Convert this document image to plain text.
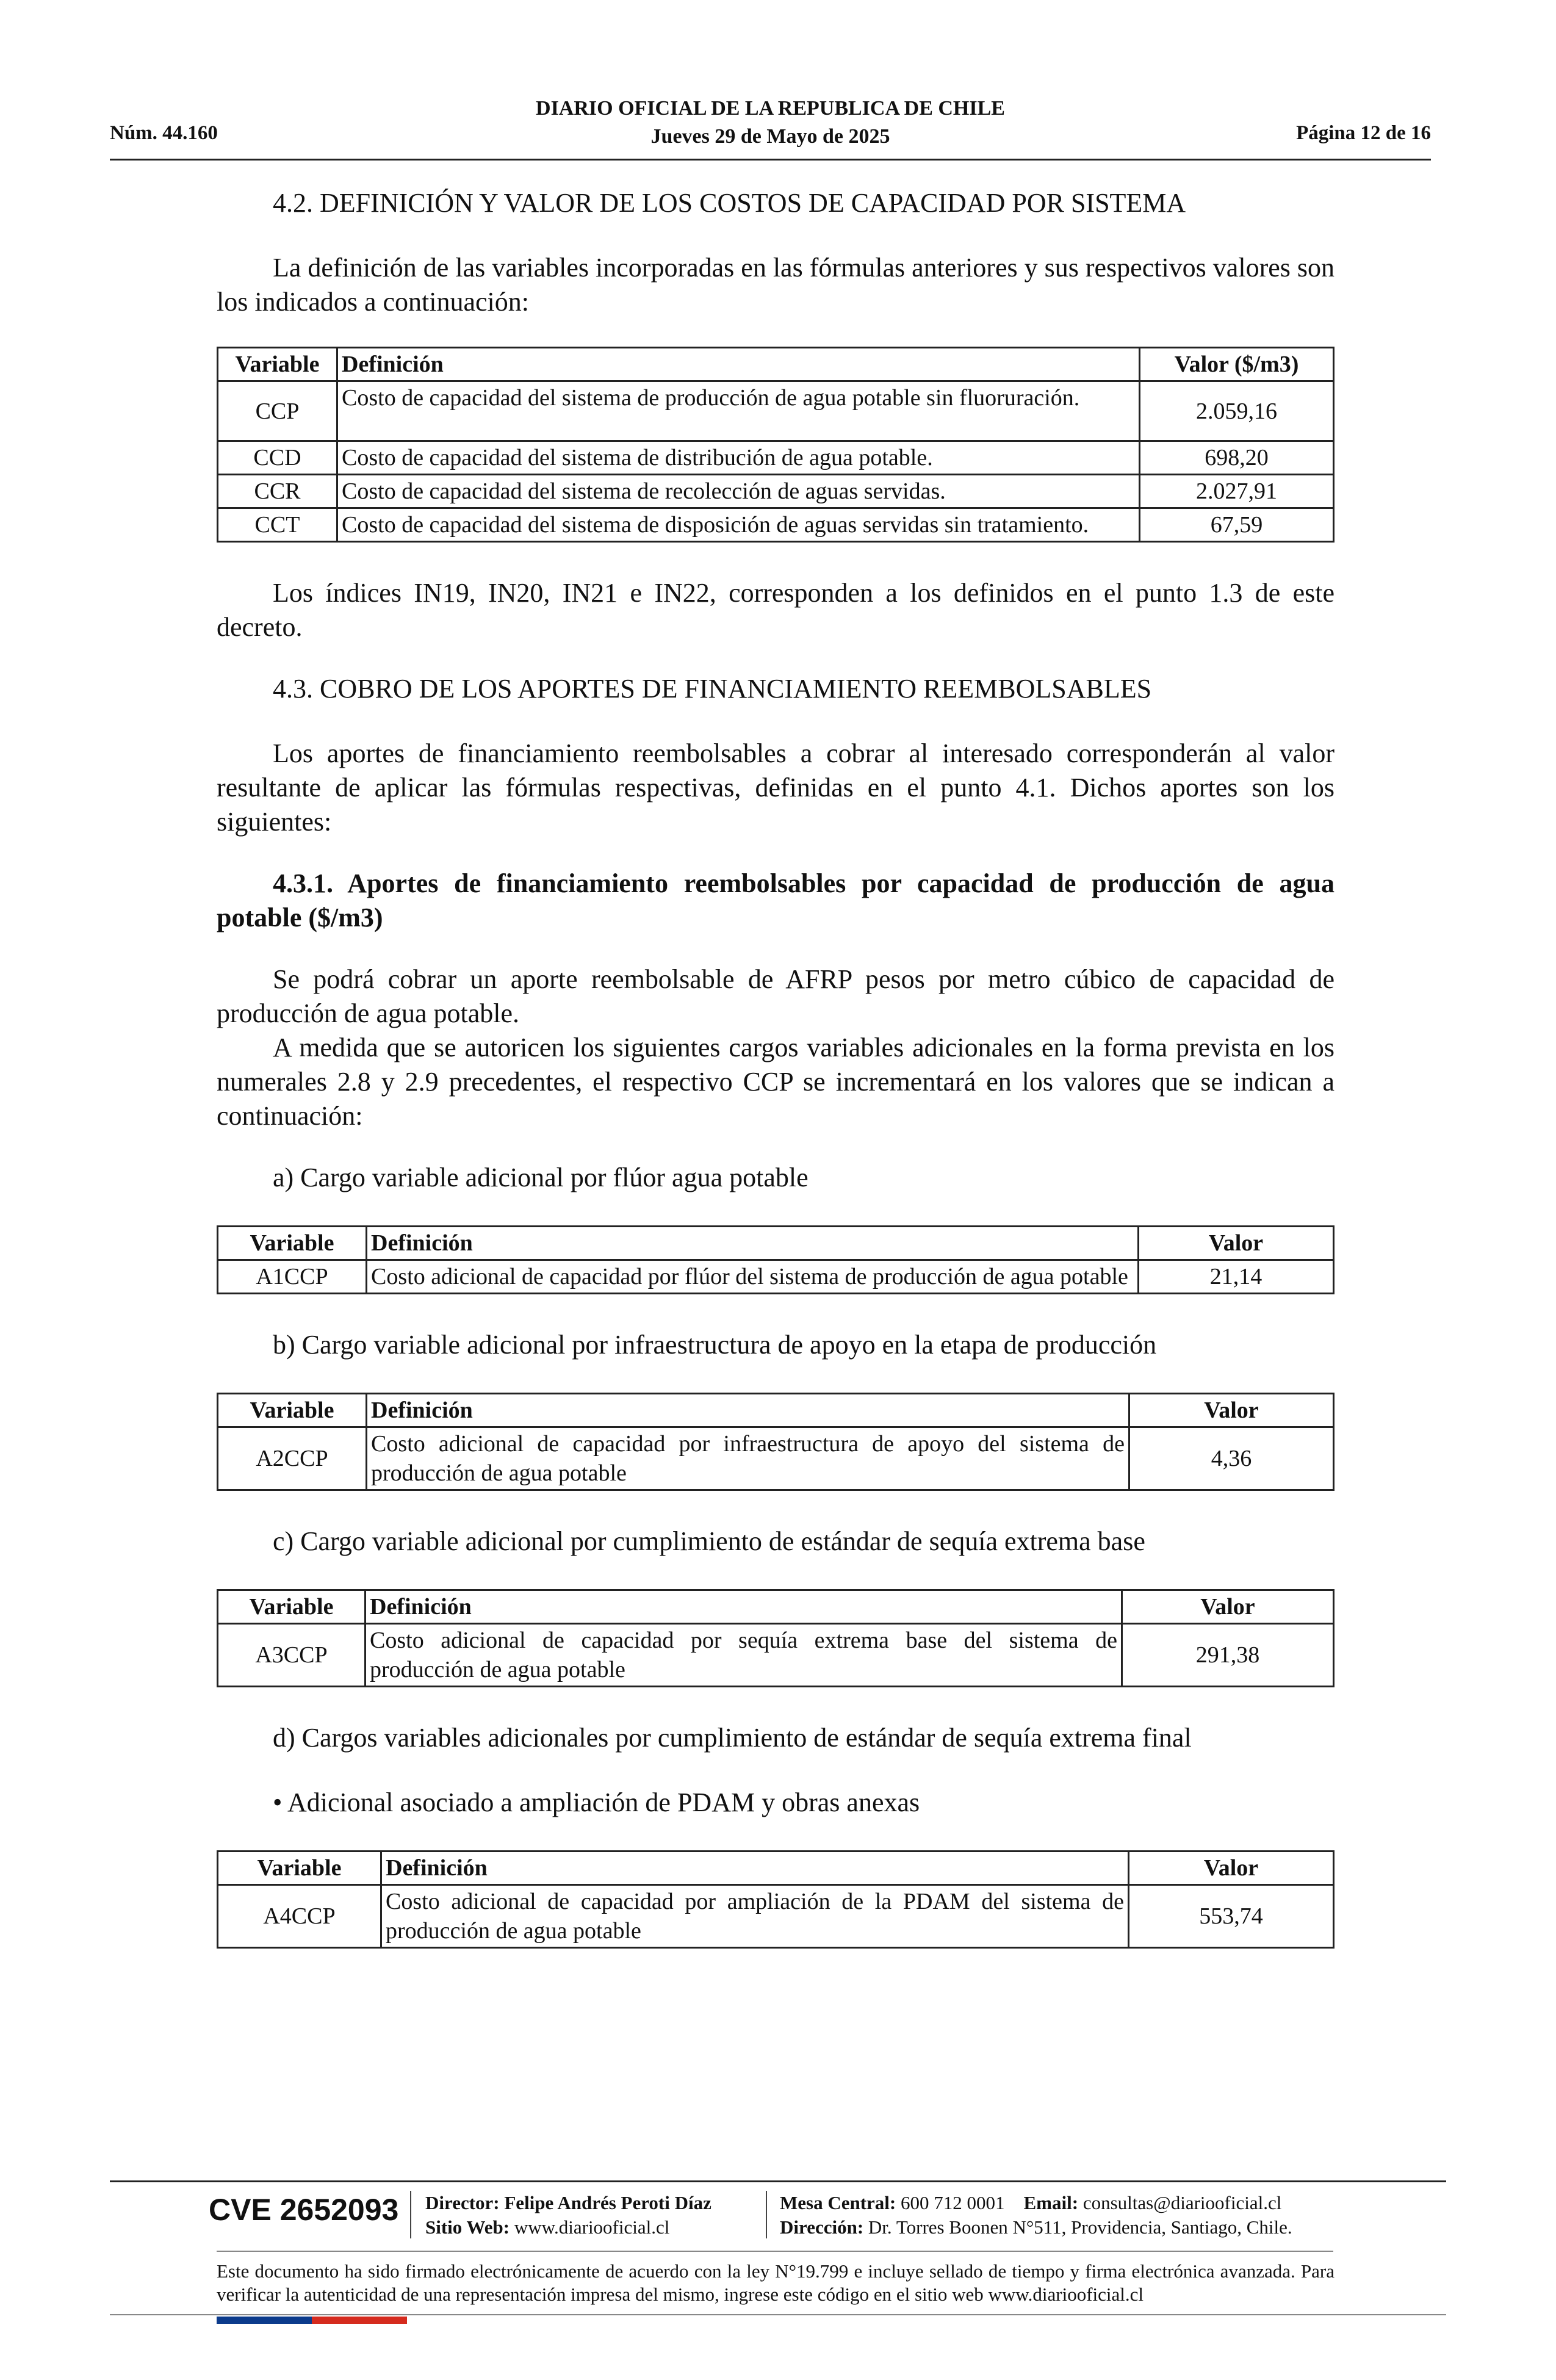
Núm. 44.160
DIARIO OFICIAL DE LA REPUBLICA DE CHILE
Jueves 29 de Mayo de 2025	Página 12 de 16
4.2. DEFINICIÓN Y VALOR DE LOS COSTOS DE CAPACIDAD POR SISTEMA

La definición de las variables incorporadas en las fórmulas anteriores y sus respectivos valores son los indicados a continuación:

Variable	Definición	Valor ($/m3)
CCP	Costo de capacidad del sistema de producción de agua potable sin fluoruración.	2.059,16
CCD	Costo de capacidad del sistema de distribución de agua potable.	698,20
CCR	Costo de capacidad del sistema de recolección de aguas servidas.	2.027,91
CCT	Costo de capacidad del sistema de disposición de aguas servidas sin tratamiento.	67,59

Los índices IN19, IN20, IN21 e IN22, corresponden a los definidos en el punto 1.3 de este decreto.

4.3. COBRO DE LOS APORTES DE FINANCIAMIENTO REEMBOLSABLES

Los aportes de financiamiento reembolsables a cobrar al interesado corresponderán al valor resultante de aplicar las fórmulas respectivas, definidas en el punto 4.1. Dichos aportes son los siguientes:

4.3.1. Aportes de financiamiento reembolsables por capacidad de producción de agua potable ($/m3)

Se podrá cobrar un aporte reembolsable de AFRP pesos por metro cúbico de capacidad de producción de agua potable.

A medida que se autoricen los siguientes cargos variables adicionales en la forma prevista en los numerales 2.8 y 2.9 precedentes, el respectivo CCP se incrementará en los valores que se indican a continuación:

a) Cargo variable adicional por flúor agua potable
Variable	Definición	Valor
A1CCP	Costo adicional de capacidad por flúor del sistema de producción de agua potable	21,14
b) Cargo variable adicional por infraestructura de apoyo en la etapa de producción
Variable	Definición	Valor
A2CCP	Costo adicional de capacidad por infraestructura de apoyo del sistema de producción de agua potable	4,36
c) Cargo variable adicional por cumplimiento de estándar de sequía extrema base
Variable	Definición	Valor
A3CCP	Costo adicional de capacidad por sequía extrema base del sistema de producción de agua potable	291,38
d) Cargos variables adicionales por cumplimiento de estándar de sequía extrema final
• Adicional asociado a ampliación de PDAM y obras anexas
Variable	Definición	Valor
A4CCP	Costo adicional de capacidad por ampliación de la PDAM del sistema de producción de agua potable	553,74
CVE 2652093 Director: Felipe Andrés Peroti Díaz
Sitio Web: www.diariooficial.cl
Mesa Central: 600 712 0001 Email: consultas@diariooficial.cl
Dirección: Dr. Torres Boonen N°511, Providencia, Santiago, Chile.
Este documento ha sido firmado electrónicamente de acuerdo con la ley N°19.799 e incluye sellado de tiempo y firma electrónica avanzada. Para verificar la autenticidad de una representación impresa del mismo, ingrese este código en el sitio web www.diariooficial.cl
